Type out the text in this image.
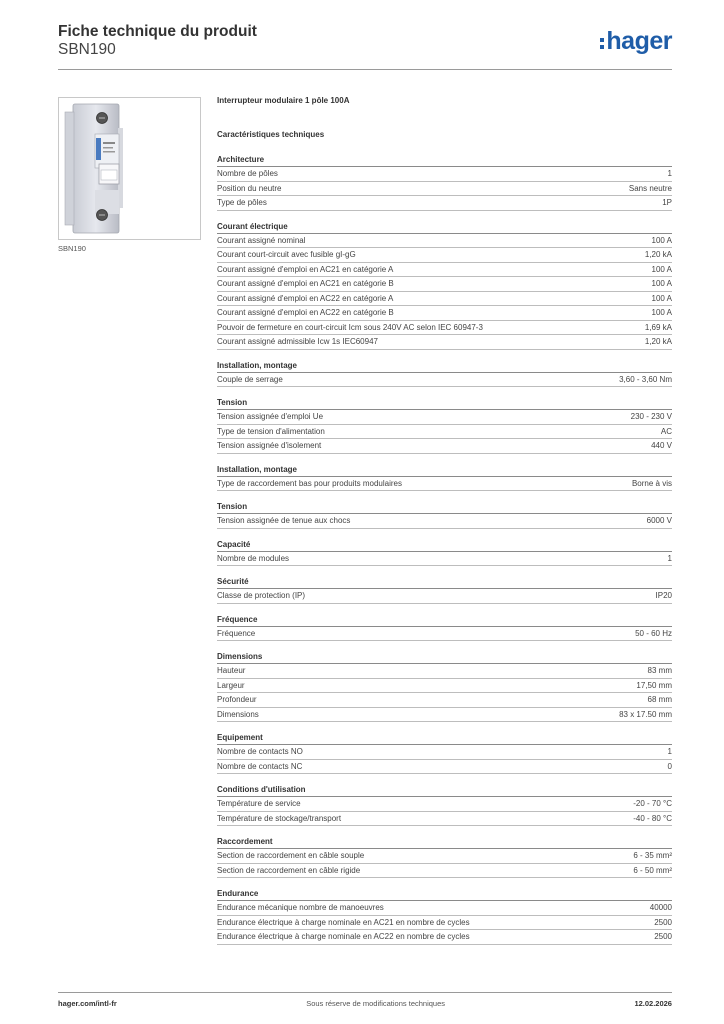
Fiche technique du produit
SBN190	hager
SBN190
Interrupteur modulaire 1 pôle 100A
Caractéristiques techniques
Architecture
Nombre de pôles	1
Position du neutre	Sans neutre
Type de pôles	1P
Courant électrique
Courant assigné nominal	100 A
Courant court-circuit avec fusible gI-gG	1,20 kA
Courant assigné d'emploi en AC21 en catégorie A	100 A
Courant assigné d'emploi en AC21 en catégorie B	100 A
Courant assigné d'emploi en AC22 en catégorie A	100 A
Courant assigné d'emploi en AC22 en catégorie B	100 A
Pouvoir de fermeture en court-circuit Icm sous 240V AC selon IEC 60947-3	1,69 kA
Courant assigné admissible Icw 1s IEC60947	1,20 kA
Installation, montage
Couple de serrage	3,60 - 3,60 Nm
Tension
Tension assignée d'emploi Ue	230 - 230 V
Type de tension d'alimentation	AC
Tension assignée d'isolement	440 V
Installation, montage
Type de raccordement bas pour produits modulaires	Borne à vis
Tension
Tension assignée de tenue aux chocs	6000 V
Capacité
Nombre de modules	1
Sécurité
Classe de protection (IP)	IP20
Fréquence
Fréquence	50 - 60 Hz
Dimensions
Hauteur	83 mm
Largeur	17,50 mm
Profondeur	68 mm
Dimensions	83 x 17.50 mm
Equipement
Nombre de contacts NO	1
Nombre de contacts NC	0
Conditions d'utilisation
Température de service	-20 - 70 °C
Température de stockage/transport	-40 - 80 °C
Raccordement
Section de raccordement en câble souple	6 - 35 mm²
Section de raccordement en câble rigide	6 - 50 mm²
Endurance
Endurance mécanique nombre de manoeuvres	40000
Endurance électrique à charge nominale en AC21 en nombre de cycles	2500
Endurance électrique à charge nominale en AC22 en nombre de cycles	2500
hager.com/intl-fr	Sous réserve de modifications techniques	12.02.2026
